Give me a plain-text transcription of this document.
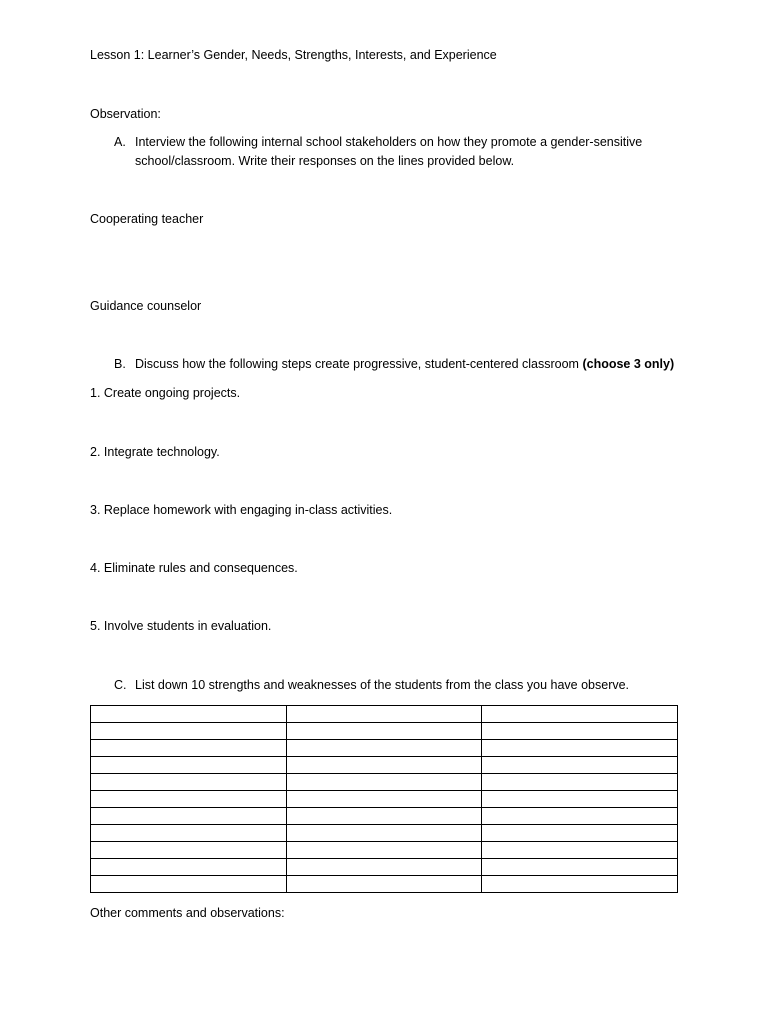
Lesson 1: Learner’s Gender, Needs, Strengths, Interests, and Experience
Observation:
A. Interview the following internal school stakeholders on how they promote a gender-sensitive
school/classroom. Write their responses on the lines provided below.
Cooperating teacher
Guidance counselor
B. Discuss how the following steps create progressive, student-centered classroom (choose 3 only)
1. Create ongoing projects.
2. Integrate technology.
3. Replace homework with engaging in-class activities.
4. Eliminate rules and consequences.
5. Involve students in evaluation.
C. List down 10 strengths and weaknesses of the students from the class you have observe.

Other comments and observations:
